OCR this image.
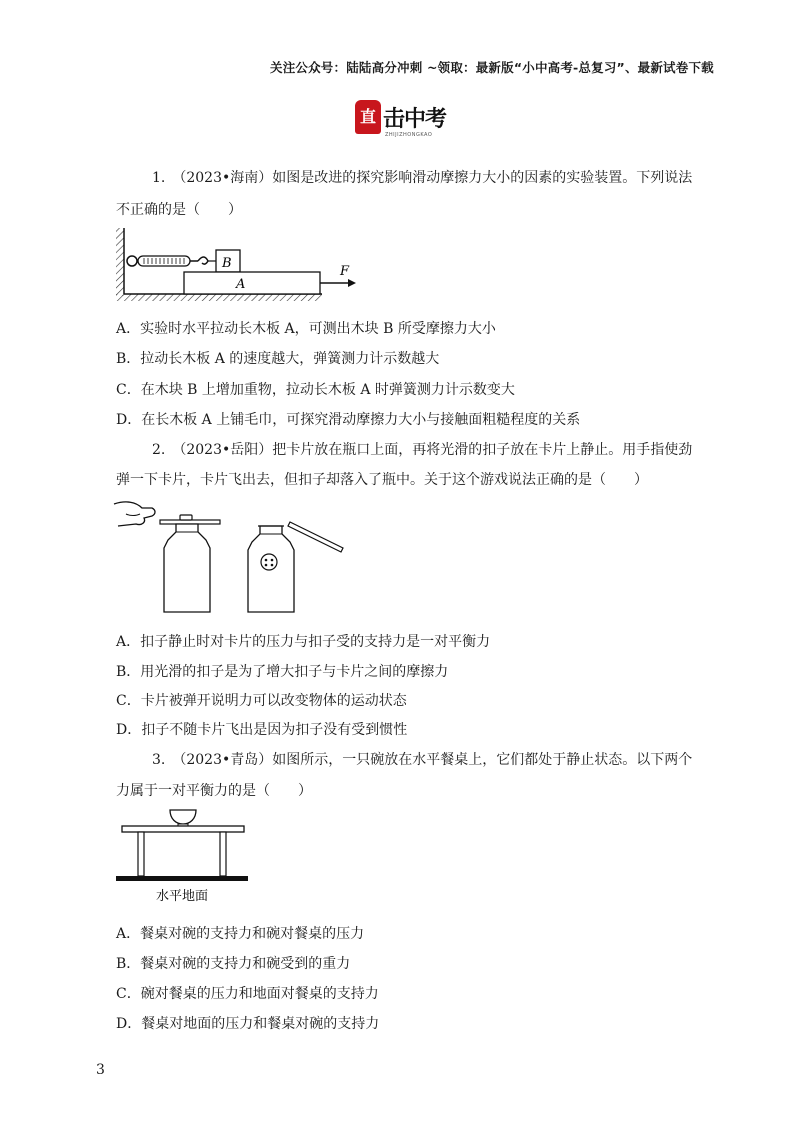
关注公众号：陆陆高分冲刺 ~领取：最新版“小中高考-总复习”、最新试卷下载
直 击中考
ZHIJIZHONGKAO
1.　（2023•海南）如图是改进的探究影响滑动摩擦力大小的因素的实验装置。下列说法
不正确的是（　　）
B
A
F
A．实验时水平拉动长木板 A，可测出木块 B 所受摩擦力大小
B．拉动长木板 A 的速度越大，弹簧测力计示数越大
C．在木块 B 上增加重物，拉动长木板 A 时弹簧测力计示数变大
D．在长木板 A 上铺毛巾，可探究滑动摩擦力大小与接触面粗糙程度的关系
2.　（2023•岳阳）把卡片放在瓶口上面，再将光滑的扣子放在卡片上静止。用手指使劲
弹一下卡片，卡片飞出去，但扣子却落入了瓶中。关于这个游戏说法正确的是（　　）
A．扣子静止时对卡片的压力与扣子受的支持力是一对平衡力
B．用光滑的扣子是为了增大扣子与卡片之间的摩擦力
C．卡片被弹开说明力可以改变物体的运动状态
D．扣子不随卡片飞出是因为扣子没有受到惯性
3.　（2023•青岛）如图所示，一只碗放在水平餐桌上，它们都处于静止状态。以下两个
力属于一对平衡力的是（　　）
水平地面
A．餐桌对碗的支持力和碗对餐桌的压力
B．餐桌对碗的支持力和碗受到的重力
C．碗对餐桌的压力和地面对餐桌的支持力
D．餐桌对地面的压力和餐桌对碗的支持力
3
